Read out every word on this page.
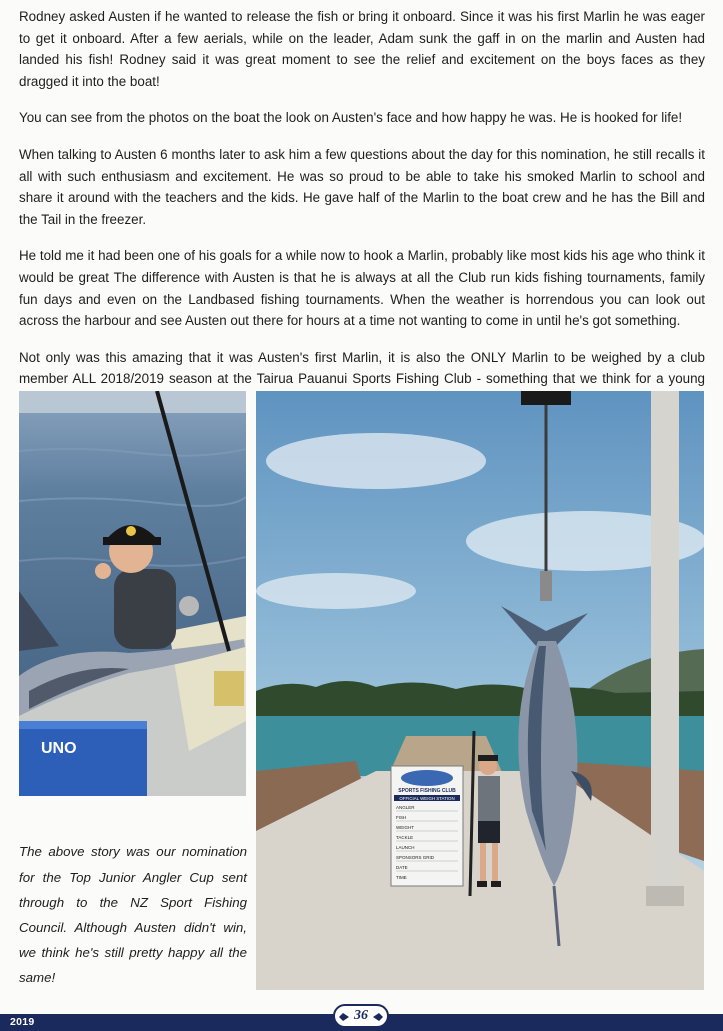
Rodney asked Austen if he wanted to release the fish or bring it onboard. Since it was his first Marlin he was eager to get it onboard. After a few aerials, while on the leader, Adam sunk the gaff in on the marlin and Austen had landed his fish! Rodney said it was great moment to see the relief and excitement on the boys faces as they dragged it into the boat!

You can see from the photos on the boat the look on Austen's face and how happy he was. He is hooked for life!

When talking to Austen 6 months later to ask him a few questions about the day for this nomination, he still recalls it all with such enthusiasm and excitement. He was so proud to be able to take his smoked Marlin to school and share it around with the teachers and the kids. He gave half of the Marlin to the boat crew and he has the Bill and the Tail in the freezer.

He told me it had been one of his goals for a while now to hook a Marlin, probably like most kids his age who think it would be great The difference with Austen is that he is always at all the Club run kids fishing tournaments, family fun days and even on the Landbased fishing tournaments. When the weather is horrendous you can look out across the harbour and see Austen out there for hours at a time not wanting to come in until he's got something.

Not only was this amazing that it was Austen's first Marlin, it is also the ONLY Marlin to be weighed by a club member ALL 2018/2019 season at the Tairua Pauanui Sports Fishing Club - something that we think for a young

UNO
SPORTS FISHING CLUB
OFFICIAL WEIGH STATION
ANGLER
FISH
WEIGHT
TACKLE
LAUNCH
SPONSORS GRID
DATE
TIME

The above story was our nomination for the Top Junior Angler Cup sent through to the NZ Sport Fishing Council. Although Austen didn't win, we think he's still pretty happy all the same!

2019	36
